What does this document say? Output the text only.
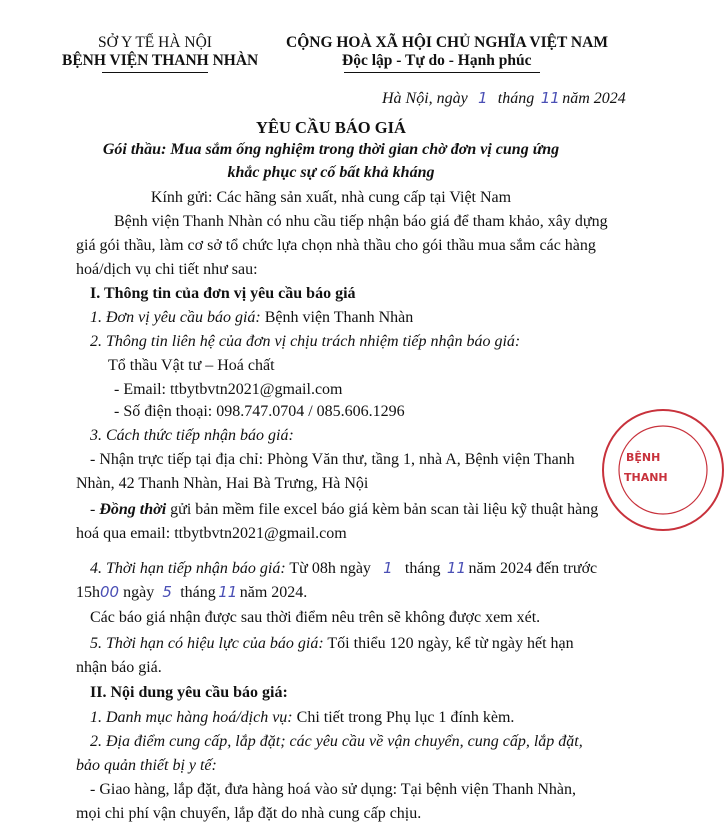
SỞ Y TẾ HÀ NỘI
BỆNH VIỆN THANH NHÀN
CỘNG HOÀ XÃ HỘI CHỦ NGHĨA VIỆT NAM
Độc lập - Tự do - Hạnh phúc
Hà Nội, ngày 1 tháng 11 năm 2024
YÊU CẦU BÁO GIÁ
Gói thầu: Mua sắm ống nghiệm trong thời gian chờ đơn vị cung ứng
khắc phục sự cố bất khả kháng
Kính gửi: Các hãng sản xuất, nhà cung cấp tại Việt Nam
Bệnh viện Thanh Nhàn có nhu cầu tiếp nhận báo giá để tham khảo, xây dựng
giá gói thầu, làm cơ sở tổ chức lựa chọn nhà thầu cho gói thầu mua sắm các hàng
hoá/dịch vụ chi tiết như sau:
I. Thông tin của đơn vị yêu cầu báo giá
1. Đơn vị yêu cầu báo giá: Bệnh viện Thanh Nhàn
2. Thông tin liên hệ của đơn vị chịu trách nhiệm tiếp nhận báo giá:
Tổ thầu Vật tư – Hoá chất
- Email: ttbytbvtn2021@gmail.com
- Số điện thoại: 098.747.0704 / 085.606.1296
3. Cách thức tiếp nhận báo giá:
- Nhận trực tiếp tại địa chỉ: Phòng Văn thư, tầng 1, nhà A, Bệnh viện Thanh
Nhàn, 42 Thanh Nhàn, Hai Bà Trưng, Hà Nội
- Đồng thời gửi bản mềm file excel báo giá kèm bản scan tài liệu kỹ thuật hàng
hoá qua email: ttbytbvtn2021@gmail.com
4. Thời hạn tiếp nhận báo giá: Từ 08h ngày 1 tháng 11 năm 2024 đến trước
15h00 ngày 5 tháng 11 năm 2024.
Các báo giá nhận được sau thời điểm nêu trên sẽ không được xem xét.
5. Thời hạn có hiệu lực của báo giá: Tối thiểu 120 ngày, kể từ ngày hết hạn
nhận báo giá.
II. Nội dung yêu cầu báo giá:
1. Danh mục hàng hoá/dịch vụ: Chi tiết trong Phụ lục 1 đính kèm.
2. Địa điểm cung cấp, lắp đặt; các yêu cầu về vận chuyển, cung cấp, lắp đặt,
bảo quản thiết bị y tế:
- Giao hàng, lắp đặt, đưa hàng hoá vào sử dụng: Tại bệnh viện Thanh Nhàn,
mọi chi phí vận chuyển, lắp đặt do nhà cung cấp chịu.
BỆNH
THANH
